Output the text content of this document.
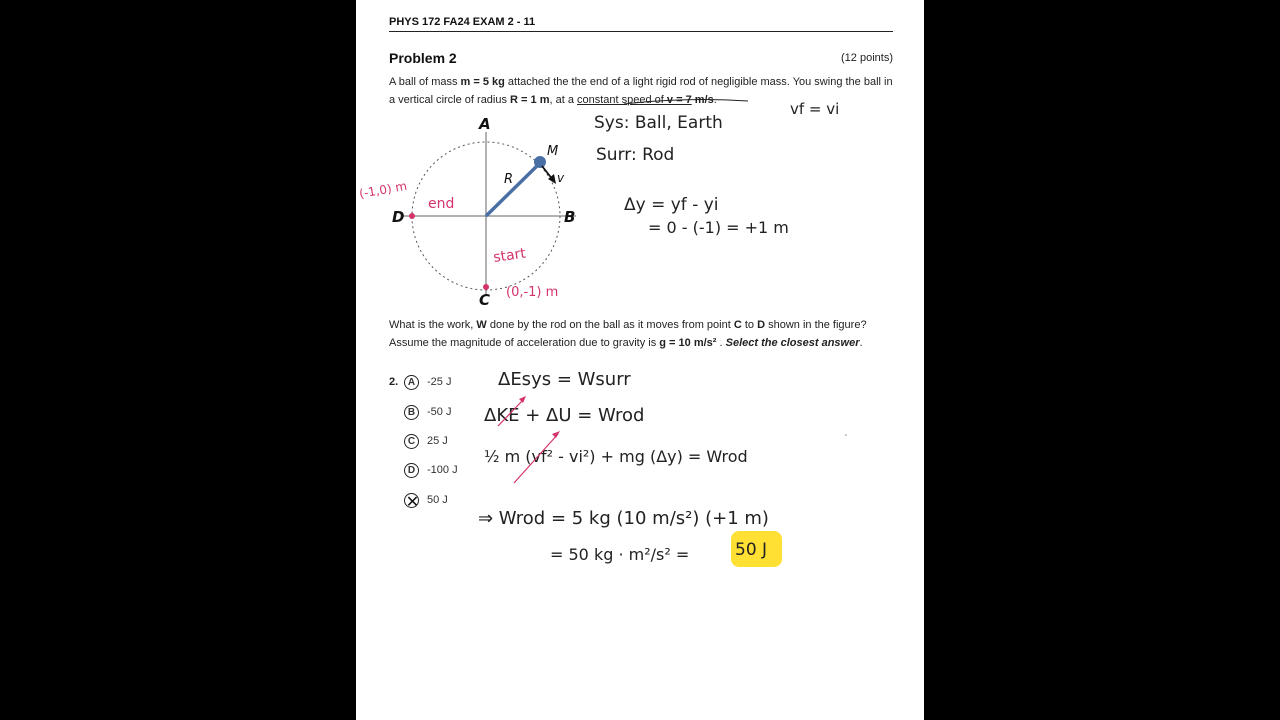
PHYS 172 FA24 EXAM 2 - 11
Problem 2	(12 points)
A ball of mass m = 5 kg attached the the end of a light rigid rod of negligible mass. You swing the ball in a vertical circle of radius R = 1 m, at a constant speed of v = 7 m/s.
A
B
C
D
M
R	v
(-1,0) m
end
start
(0,-1) m
vf = vi
Sys: Ball, Earth
Surr: Rod
Δy = yf - yi
= 0 - (-1) = +1 m
ΔEsys = Wsurr
ΔKE + ΔU = Wrod
½ m (vf² - vi²) + mg (Δy) = Wrod
⇒ Wrod = 5 kg (10 m/s²) (+1 m)
= 50 kg · m²/s² =	50 J
What is the work, W done by the rod on the ball as it moves from point C to D shown in the figure? Assume the magnitude of acceleration due to gravity is g = 10 m/s² . Select the closest answer.
2. A	-25 J
B	-50 J
C	25 J
D	-100 J
✕ 50 J
